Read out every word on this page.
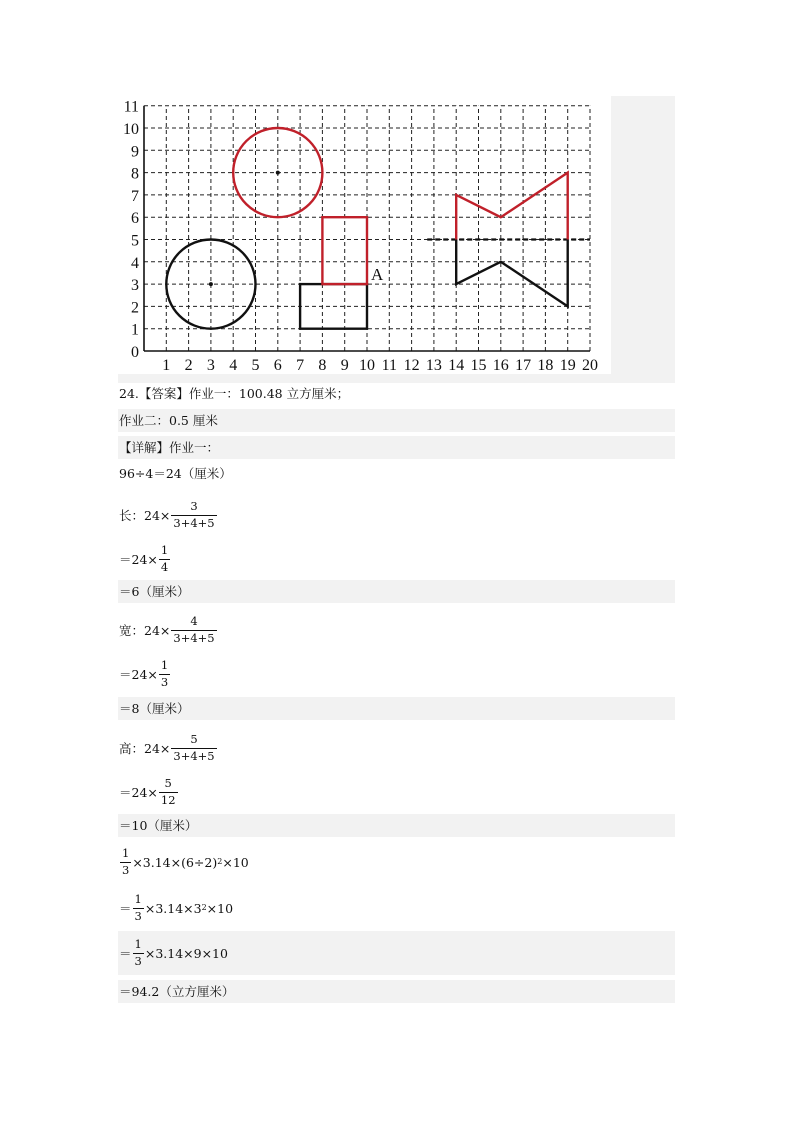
1 2 3 4 5 6 7 8 9 10 11 12 13 14 15 16 17 18 19 20
0
1
2
3
4
5
6
7
8
9
10
11
A
24.【答案】作业一：100.48 立方厘米；
作业二：0.5 厘米
【详解】作业一：
96÷4＝24（厘米）
长：$24\times \frac{3}{3+4+5}$
$=24\times \frac{1}{4}$
＝6（厘米）
宽：$24\times \frac{4}{3+4+5}$
$=24\times \frac{1}{3}$
＝8（厘米）
高：$24\times \frac{5}{3+4+5}$
$=24\times \frac{5}{12}$
＝10（厘米）
$\frac{1}{3} \times 3.14\times(6\div 2)$ 2 ×10
＝ $\frac{1}{3} \times 3.14\times 3$ 2 ×10
＝ $\frac{1}{3} \times 3.14\times 9\times 10$
＝94.2（立方厘米）
